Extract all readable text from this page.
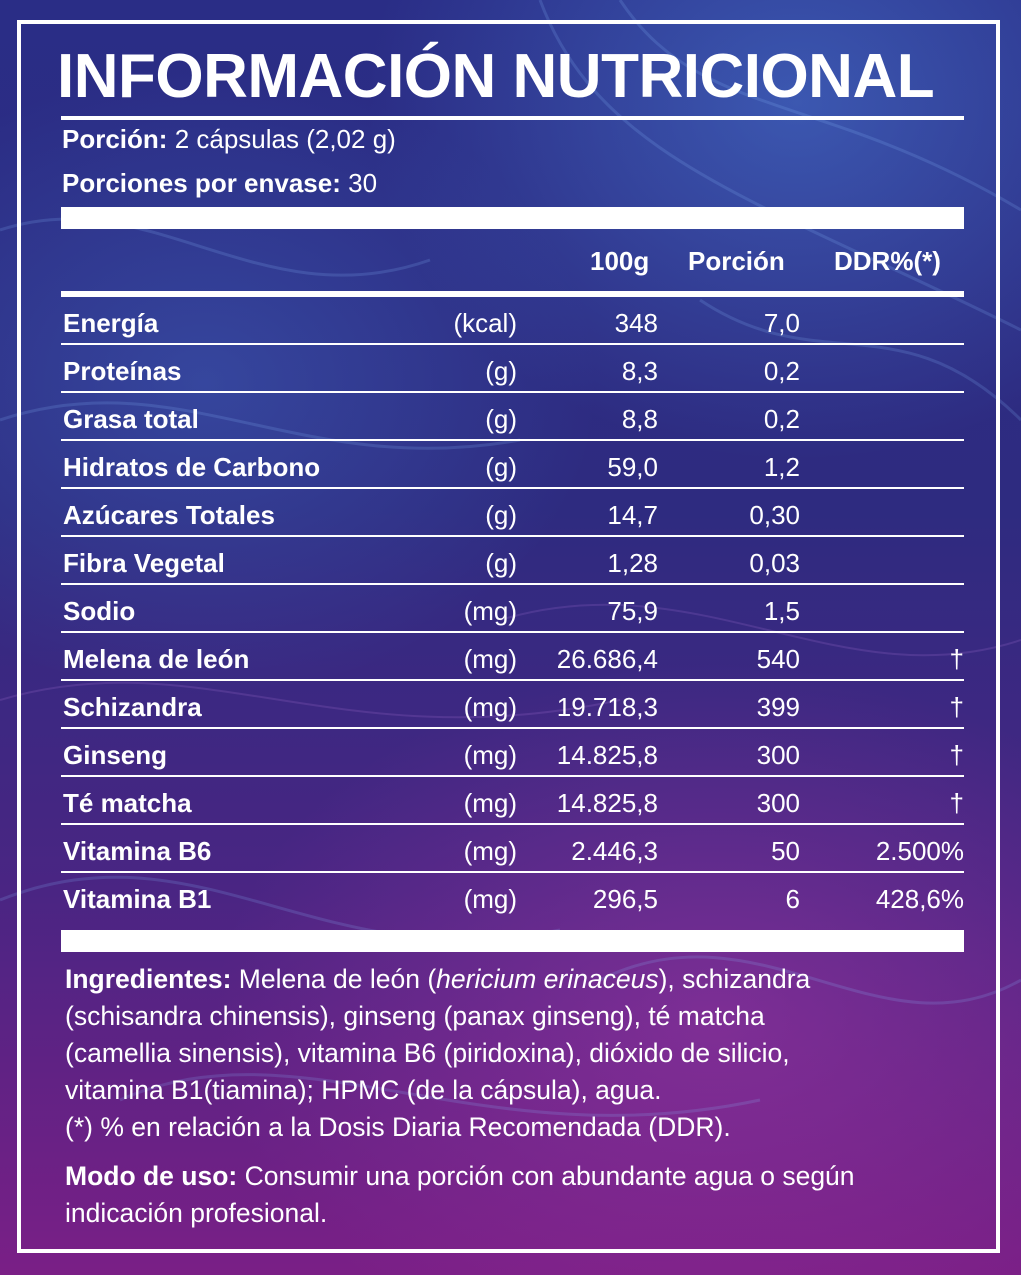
INFORMACIÓN NUTRICIONAL
Porción: 2 cápsulas (2,02 g)
Porciones por envase: 30
100g Porción DDR%(*)
Energía	(kcal)	348	7,0
Proteínas	(g)	8,3	0,2
Grasa total	(g)	8,8	0,2
Hidratos de Carbono	(g)	59,0	1,2
Azúcares Totales	(g)	14,7	0,30
Fibra Vegetal	(g)	1,28	0,03
Sodio	(mg)	75,9	1,5
Melena de león	(mg) 26.686,4	540	†
Schizandra	(mg) 19.718,3	399	†
Ginseng	(mg) 14.825,8	300	†
Té matcha	(mg) 14.825,8	300	†
Vitamina B6	(mg) 2.446,3	50	2.500%
Vitamina B1	(mg)	296,5	6	428,6%
Ingredientes: Melena de león (hericium erinaceus), schizandra
(schisandra chinensis), ginseng (panax ginseng), té matcha
(camellia sinensis), vitamina B6 (piridoxina), dióxido de silicio,
vitamina B1(tiamina); HPMC (de la cápsula), agua.
(*) % en relación a la Dosis Diaria Recomendada (DDR).
Modo de uso: Consumir una porción con abundante agua o según
indicación profesional.
